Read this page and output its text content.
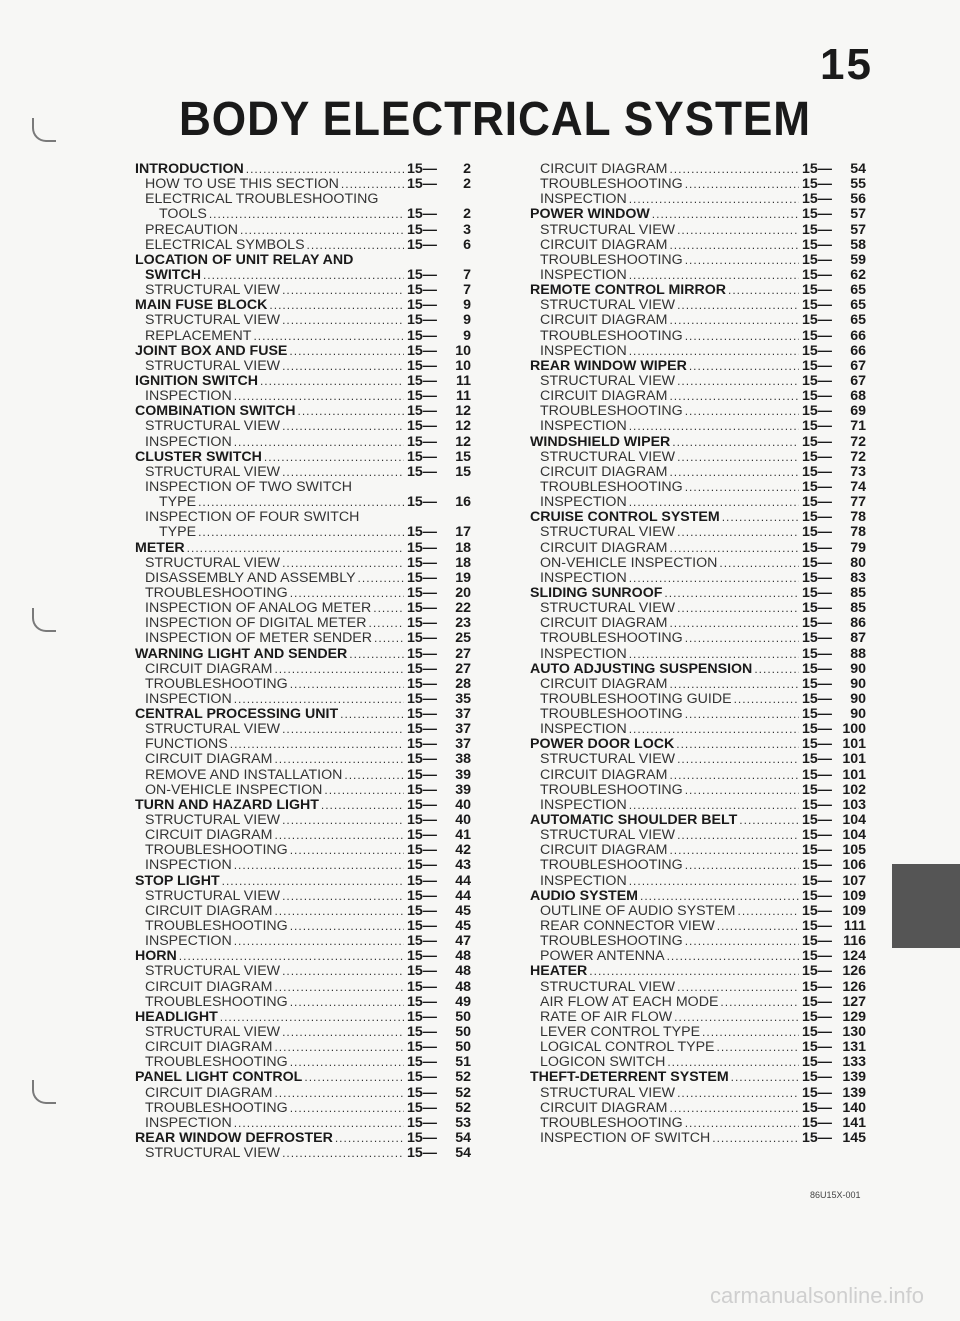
15
BODY ELECTRICAL SYSTEM
INTRODUCTION .....	15— 2
HOW TO USE THIS SECTION .....	15— 2
ELECTRICAL TROUBLESHOOTING
TOOLS .....	15— 2
PRECAUTION .....	15— 3
ELECTRICAL SYMBOLS .....	15— 6
LOCATION OF UNIT RELAY AND
SWITCH .....	15— 7
STRUCTURAL VIEW .....	15— 7
MAIN FUSE BLOCK .....	15— 9
STRUCTURAL VIEW .....	15— 9
REPLACEMENT .....	15— 9
JOINT BOX AND FUSE .....	15— 10
STRUCTURAL VIEW .....	15— 10
IGNITION SWITCH .....	15— 11
INSPECTION .....	15— 11
COMBINATION SWITCH .....	15— 12
STRUCTURAL VIEW .....	15— 12
INSPECTION .....	15— 12
CLUSTER SWITCH .....	15— 15
STRUCTURAL VIEW .....	15— 15
INSPECTION OF TWO SWITCH
TYPE .....	15— 16
INSPECTION OF FOUR SWITCH
TYPE .....	15— 17
METER .....	15— 18
STRUCTURAL VIEW .....	15— 18
DISASSEMBLY AND ASSEMBLY .....	15— 19
TROUBLESHOOTING .....	15— 20
INSPECTION OF ANALOG METER .....	15— 22
INSPECTION OF DIGITAL METER .....	15— 23
INSPECTION OF METER SENDER ..... 15— 25
WARNING LIGHT AND SENDER .....	15— 27
CIRCUIT DIAGRAM .....	15— 27
TROUBLESHOOTING .....	15— 28
INSPECTION .....	15— 35
CENTRAL PROCESSING UNIT .....	15— 37
STRUCTURAL VIEW .....	15— 37
FUNCTIONS .....	15— 37
CIRCUIT DIAGRAM .....	15— 38
REMOVE AND INSTALLATION .....	15— 39
ON-VEHICLE INSPECTION .....	15— 39
TURN AND HAZARD LIGHT .....	15— 40
STRUCTURAL VIEW .....	15— 40
CIRCUIT DIAGRAM .....	15— 41
TROUBLESHOOTING .....	15— 42
INSPECTION .....	15— 43
STOP LIGHT .....	15— 44
STRUCTURAL VIEW .....	15— 44
CIRCUIT DIAGRAM .....	15— 45
TROUBLESHOOTING .....	15— 45
INSPECTION .....	15— 47
HORN .....	15— 48
STRUCTURAL VIEW .....	15— 48
CIRCUIT DIAGRAM .....	15— 48
TROUBLESHOOTING .....	15— 49
HEADLIGHT .....	15— 50
STRUCTURAL VIEW .....	15— 50
CIRCUIT DIAGRAM .....	15— 50
TROUBLESHOOTING .....	15— 51
PANEL LIGHT CONTROL .....	15— 52
CIRCUIT DIAGRAM .....	15— 52
TROUBLESHOOTING .....	15— 52
INSPECTION .....	15— 53
REAR WINDOW DEFROSTER .....	15— 54
STRUCTURAL VIEW .....	15— 54
CIRCUIT DIAGRAM .....	15— 54
TROUBLESHOOTING .....	15— 55
INSPECTION .....	15— 56
POWER WINDOW .....	15— 57
STRUCTURAL VIEW .....	15— 57
CIRCUIT DIAGRAM .....	15— 58
TROUBLESHOOTING .....	15— 59
INSPECTION .....	15— 62
REMOTE CONTROL MIRROR .....	15— 65
STRUCTURAL VIEW .....	15— 65
CIRCUIT DIAGRAM .....	15— 65
TROUBLESHOOTING .....	15— 66
INSPECTION .....	15— 66
REAR WINDOW WIPER .....	15— 67
STRUCTURAL VIEW .....	15— 67
CIRCUIT DIAGRAM .....	15— 68
TROUBLESHOOTING .....	15— 69
INSPECTION .....	15— 71
WINDSHIELD WIPER .....	15— 72
STRUCTURAL VIEW .....	15— 72
CIRCUIT DIAGRAM .....	15— 73
TROUBLESHOOTING .....	15— 74
INSPECTION .....	15— 77
CRUISE CONTROL SYSTEM .....	15— 78
STRUCTURAL VIEW .....	15— 78
CIRCUIT DIAGRAM .....	15— 79
ON-VEHICLE INSPECTION .....	15— 80
INSPECTION .....	15— 83
SLIDING SUNROOF .....	15— 85
STRUCTURAL VIEW .....	15— 85
CIRCUIT DIAGRAM .....	15— 86
TROUBLESHOOTING .....	15— 87
INSPECTION .....	15— 88
AUTO ADJUSTING SUSPENSION .....	15— 90
CIRCUIT DIAGRAM .....	15— 90
TROUBLESHOOTING GUIDE .....	15— 90
TROUBLESHOOTING .....	15— 90
INSPECTION .....	15— 100
POWER DOOR LOCK .....	15— 101
STRUCTURAL VIEW .....	15— 101
CIRCUIT DIAGRAM .....	15— 101
TROUBLESHOOTING .....	15— 102
INSPECTION .....	15— 103
AUTOMATIC SHOULDER BELT .....	15— 104
STRUCTURAL VIEW .....	15— 104
CIRCUIT DIAGRAM .....	15— 105
TROUBLESHOOTING .....	15— 106
INSPECTION .....	15— 107
AUDIO SYSTEM .....	15— 109
OUTLINE OF AUDIO SYSTEM .....	15— 109
REAR CONNECTOR VIEW .....	15— 111
TROUBLESHOOTING .....	15— 116
POWER ANTENNA .....	15— 124
HEATER .....	15— 126
STRUCTURAL VIEW .....	15— 126
AIR FLOW AT EACH MODE .....	15— 127
RATE OF AIR FLOW .....	15— 129
LEVER CONTROL TYPE .....	15— 130
LOGICAL CONTROL TYPE .....	15— 131
LOGICON SWITCH .....	15— 133
THEFT-DETERRENT SYSTEM .....	15— 139
STRUCTURAL VIEW .....	15— 139
CIRCUIT DIAGRAM .....	15— 140
TROUBLESHOOTING .....	15— 141
INSPECTION OF SWITCH .....	15— 145
86U15X-001
carmanualsonline.info
